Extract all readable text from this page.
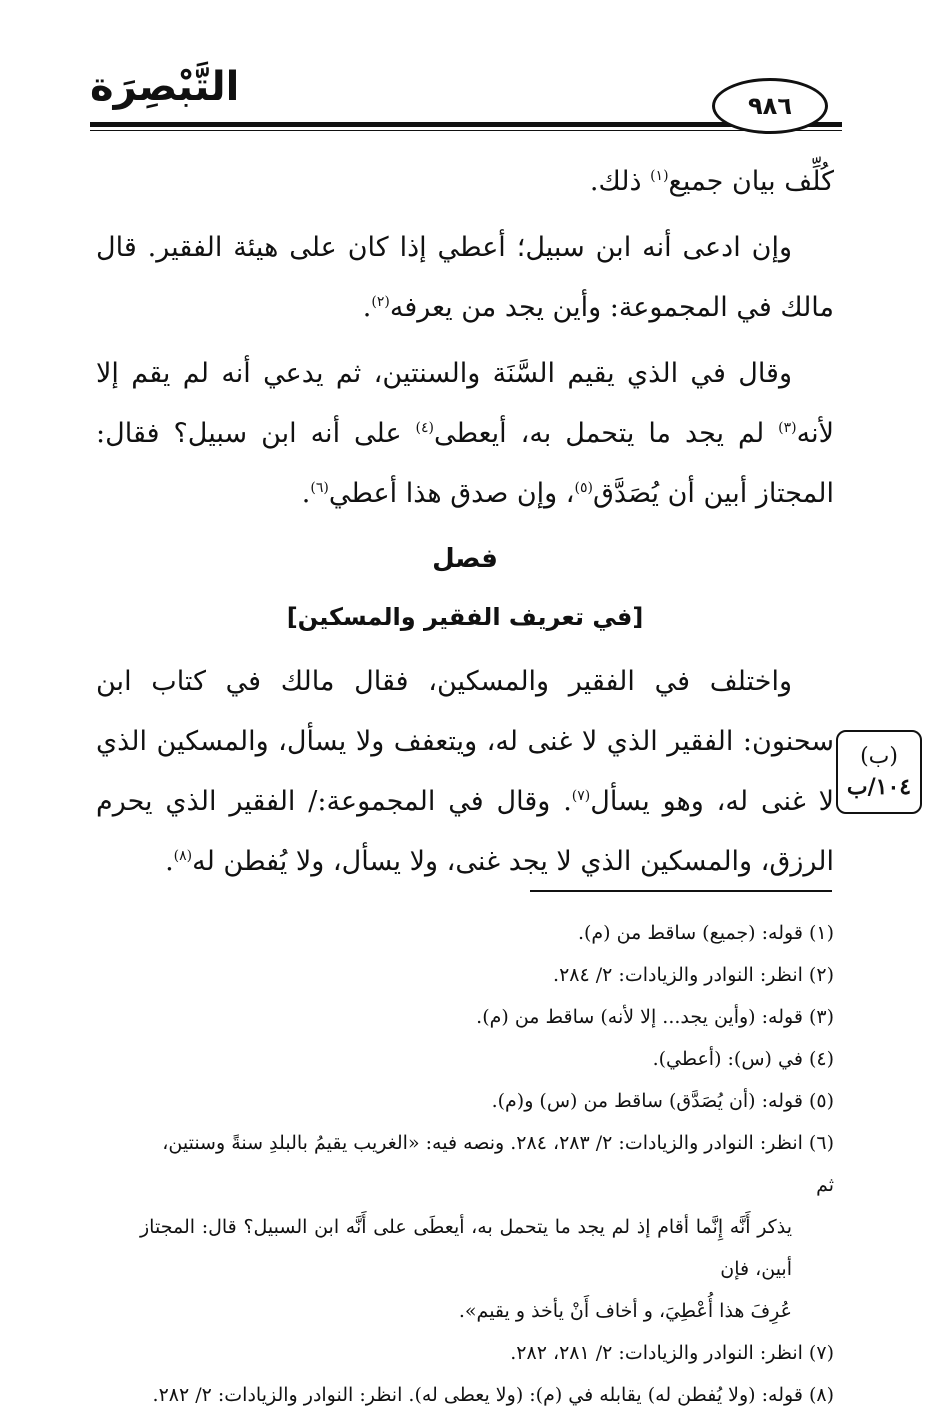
التَّبْصِرَة	٩٨٦

كُلِّف بيان جميع$^{(١)}$ ذلك.

وإن ادعى أنه ابن سبيل؛ أعطي إذا كان على هيئة الفقير. قال مالك في المجموعة: وأين يجد من يعرفه$^{(٢)}$.

وقال في الذي يقيم السَّنَة والسنتين، ثم يدعي أنه لم يقم إلا لأنه$^{(٣)}$ لم يجد ما يتحمل به، أيعطى$^{(٤)}$ على أنه ابن سبيل؟ فقال: المجتاز أبين أن يُصَدَّق$^{(٥)}$، وإن صدق هذا أعطي$^{(٦)}$.

فصل
[في تعريف الفقير والمسكين]

واختلف في الفقير والمسكين، فقال مالك في كتاب ابن سحنون: الفقير الذي لا غنى له، ويتعفف ولا يسأل، والمسكين الذي لا غنى له، وهو يسأل$^{(٧)}$. وقال في المجموعة:/ الفقير الذي يحرم الرزق، والمسكين الذي لا يجد غنى، ولا يسأل، ولا يُفطن له$^{(٨)}$.

(ب)
١٠٤/ب

(١) قوله: (جميع) ساقط من (م).

(٢) انظر: النوادر والزيادات: ٢/ ٢٨٤.

(٣) قوله: (وأين يجد... إلا لأنه) ساقط من (م).

(٤) في (س): (أعطي).

(٥) قوله: (أن يُصَدَّق) ساقط من (س) و(م).

(٦) انظر: النوادر والزيادات: ٢/ ٢٨٣، ٢٨٤. ونصه فيه: «الغريب يقيمُ بالبلدِ سنةً وسنتين، ثم

يذكر أَنَّه إِنَّما أقام إذ لم يجد ما يتحمل به، أيعطَى على أَنَّه ابن السبيل؟ قال: المجتاز أبين، فإن

عُرِفَ هذا أُعْطِيَ، و أخاف أَنْ يأخذ و يقيم».

(٧) انظر: النوادر والزيادات: ٢/ ٢٨١، ٢٨٢.

(٨) قوله: (ولا يُفطن له) يقابله في (م): (ولا يعطى له). انظر: النوادر والزيادات: ٢/ ٢٨٢.
